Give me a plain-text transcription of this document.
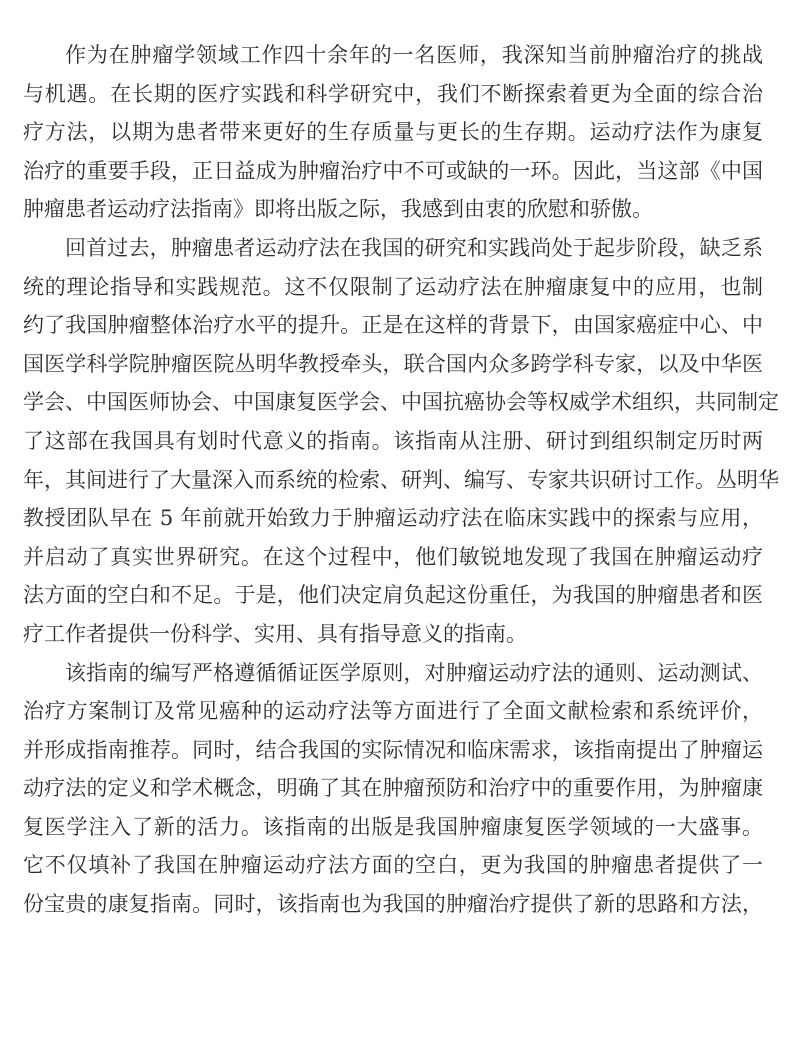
作为在肿瘤学领域工作四十余年的一名医师，我深知当前肿瘤治疗的挑战
与机遇。在长期的医疗实践和科学研究中，我们不断探索着更为全面的综合治
疗方法，以期为患者带来更好的生存质量与更长的生存期。运动疗法作为康复
治疗的重要手段，正日益成为肿瘤治疗中不可或缺的一环。因此，当这部《中国
肿瘤患者运动疗法指南》即将出版之际，我感到由衷的欣慰和骄傲。
回首过去，肿瘤患者运动疗法在我国的研究和实践尚处于起步阶段，缺乏系
统的理论指导和实践规范。这不仅限制了运动疗法在肿瘤康复中的应用，也制
约了我国肿瘤整体治疗水平的提升。正是在这样的背景下，由国家癌症中心、中
国医学科学院肿瘤医院丛明华教授牵头，联合国内众多跨学科专家，以及中华医
学会、中国医师协会、中国康复医学会、中国抗癌协会等权威学术组织，共同制定
了这部在我国具有划时代意义的指南。该指南从注册、研讨到组织制定历时两
年，其间进行了大量深入而系统的检索、研判、编写、专家共识研讨工作。丛明华
教授团队早在 5 年前就开始致力于肿瘤运动疗法在临床实践中的探索与应用，
并启动了真实世界研究。在这个过程中，他们敏锐地发现了我国在肿瘤运动疗
法方面的空白和不足。于是，他们决定肩负起这份重任，为我国的肿瘤患者和医
疗工作者提供一份科学、实用、具有指导意义的指南。
该指南的编写严格遵循循证医学原则，对肿瘤运动疗法的通则、运动测试、
治疗方案制订及常见癌种的运动疗法等方面进行了全面文献检索和系统评价，
并形成指南推荐。同时，结合我国的实际情况和临床需求，该指南提出了肿瘤运
动疗法的定义和学术概念，明确了其在肿瘤预防和治疗中的重要作用，为肿瘤康
复医学注入了新的活力。该指南的出版是我国肿瘤康复医学领域的一大盛事。
它不仅填补了我国在肿瘤运动疗法方面的空白，更为我国的肿瘤患者提供了一
份宝贵的康复指南。同时，该指南也为我国的肿瘤治疗提供了新的思路和方法，
